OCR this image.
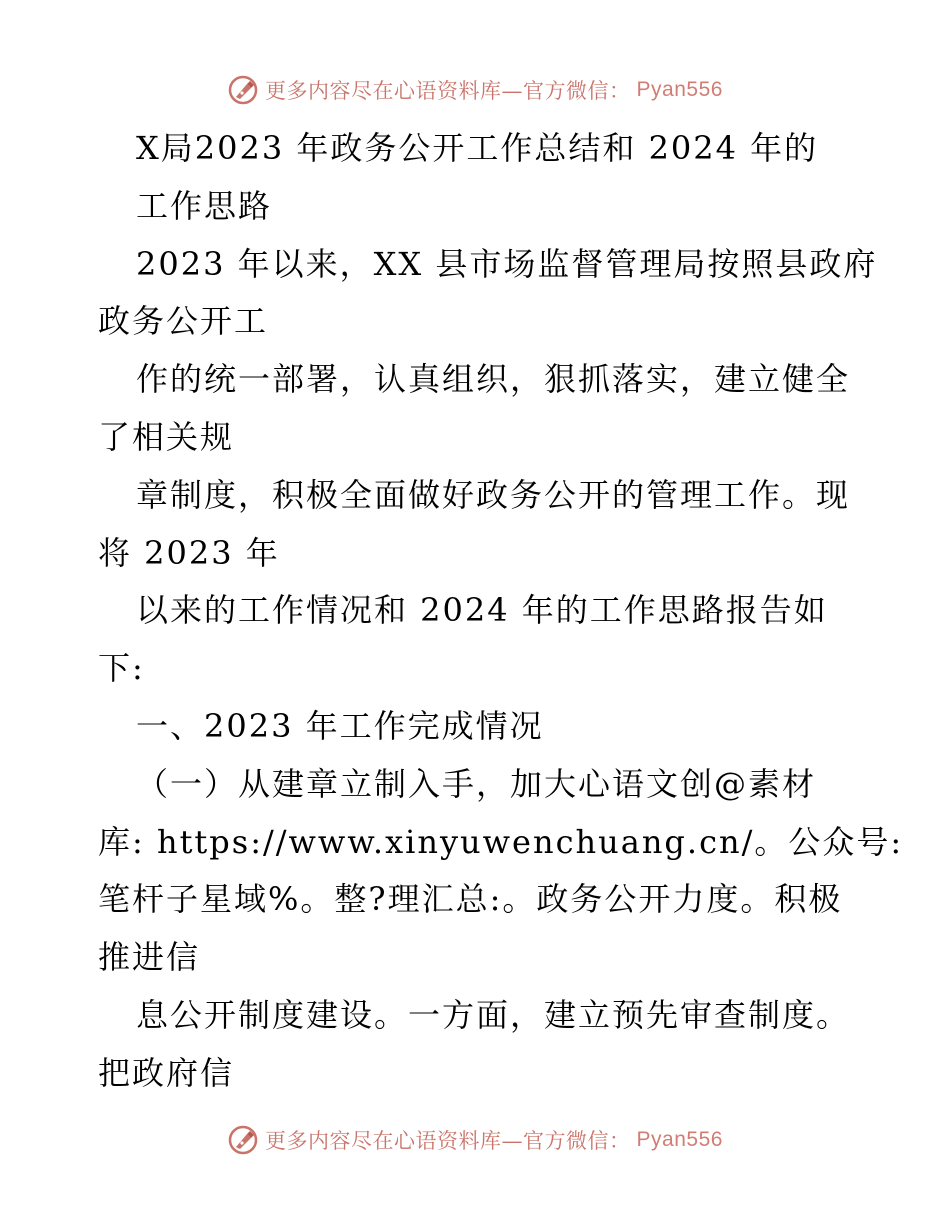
更多内容尽在心语资料库—官方微信： Pyan556
X局2023 年政务公开工作总结和 2024 年的
工作思路
2023 年以来，XX 县市场监督管理局按照县政府
政务公开工
作的统一部署，认真组织，狠抓落实，建立健全
了相关规
章制度，积极全面做好政务公开的管理工作。现
将 2023 年
以来的工作情况和 2024 年的工作思路报告如
下:
一、2023 年工作完成情况
（一）从建章立制入手，加大心语文创@素材
库: https://www.xinyuwenchuang.cn/。公众号:
笔杆子星域%。整?理汇总:。政务公开力度。积极
推进信
息公开制度建设。一方面，建立预先审查制度。
把政府信
更多内容尽在心语资料库—官方微信： Pyan556
